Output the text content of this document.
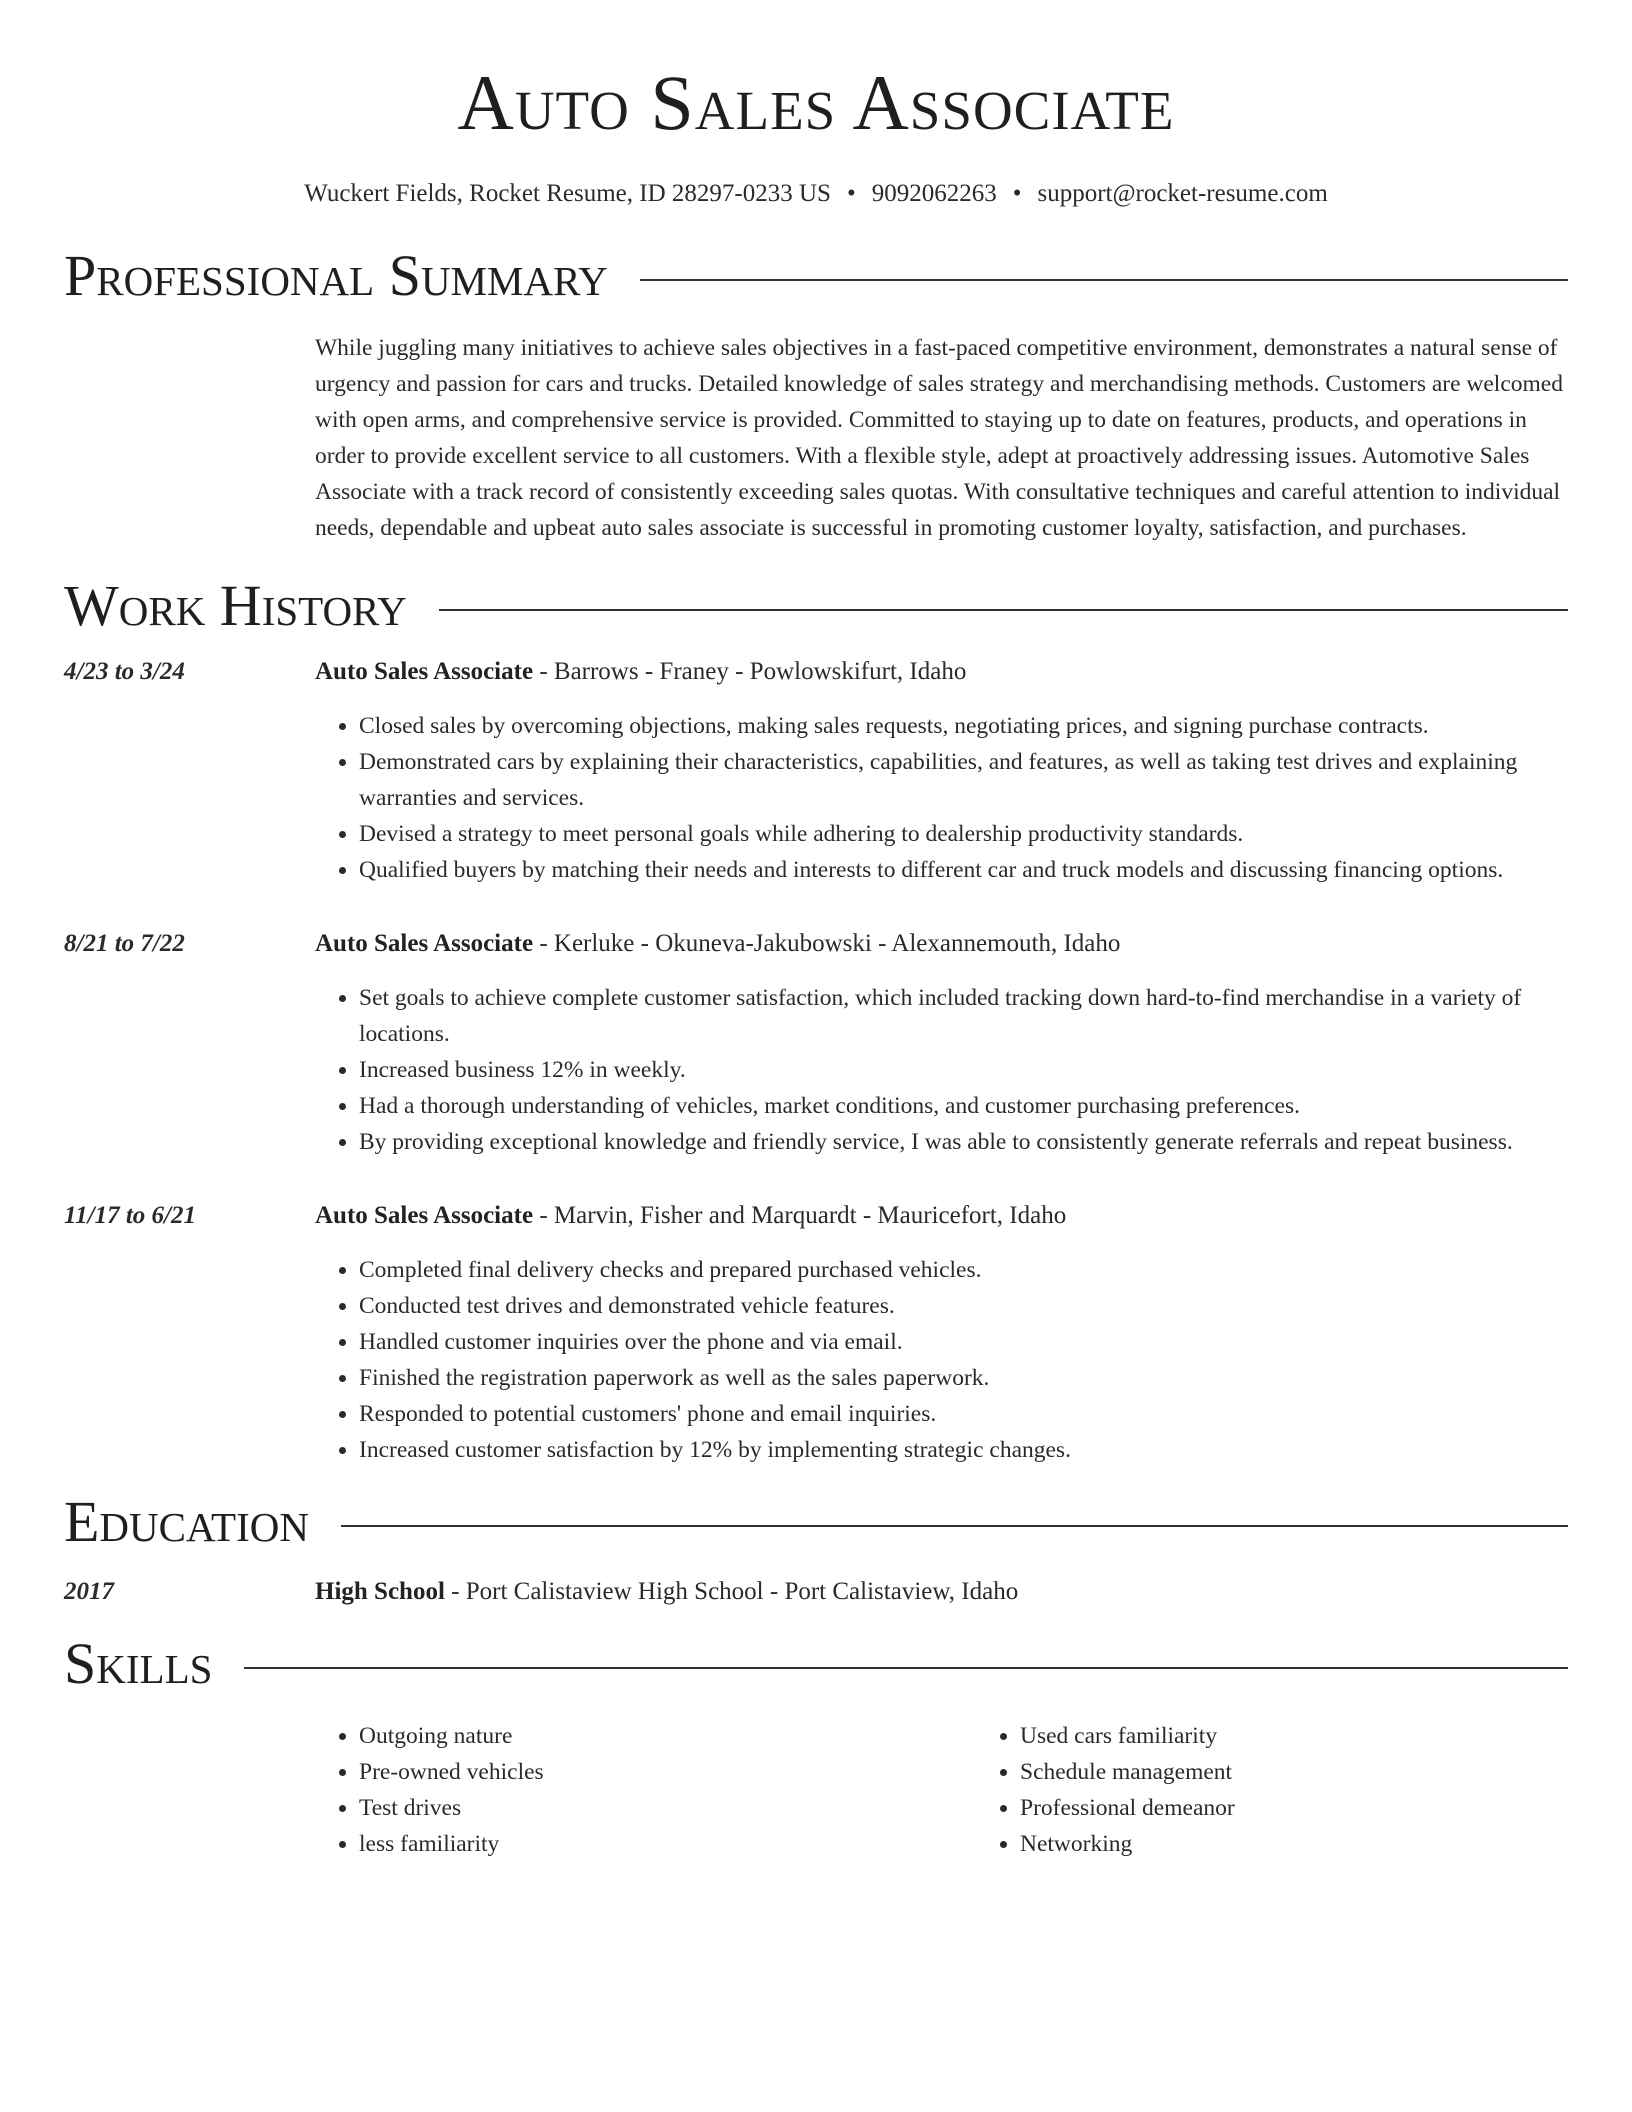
Auto Sales Associate
Wuckert Fields, Rocket Resume, ID 28297-0233 US • 9092062263 • support@rocket-resume.com
Professional Summary
While juggling many initiatives to achieve sales objectives in a fast-paced competitive environment, demonstrates a natural sense of urgency and passion for cars and trucks. Detailed knowledge of sales strategy and merchandising methods. Customers are welcomed with open arms, and comprehensive service is provided. Committed to staying up to date on features, products, and operations in order to provide excellent service to all customers. With a flexible style, adept at proactively addressing issues. Automotive Sales Associate with a track record of consistently exceeding sales quotas. With consultative techniques and careful attention to individual needs, dependable and upbeat auto sales associate is successful in promoting customer loyalty, satisfaction, and purchases.
Work History
4/23 to 3/24	Auto Sales Associate - Barrows - Franey - Powlowskifurt, Idaho
• Closed sales by overcoming objections, making sales requests, negotiating prices, and signing purchase contracts.
• Demonstrated cars by explaining their characteristics, capabilities, and features, as well as taking test drives and explaining warranties and services.
• Devised a strategy to meet personal goals while adhering to dealership productivity standards.
• Qualified buyers by matching their needs and interests to different car and truck models and discussing financing options.
8/21 to 7/22	Auto Sales Associate - Kerluke - Okuneva-Jakubowski - Alexannemouth, Idaho
• Set goals to achieve complete customer satisfaction, which included tracking down hard-to-find merchandise in a variety of locations.
• Increased business 12% in weekly.
• Had a thorough understanding of vehicles, market conditions, and customer purchasing preferences.
• By providing exceptional knowledge and friendly service, I was able to consistently generate referrals and repeat business.
11/17 to 6/21	Auto Sales Associate - Marvin, Fisher and Marquardt - Mauricefort, Idaho
• Completed final delivery checks and prepared purchased vehicles.
• Conducted test drives and demonstrated vehicle features.
• Handled customer inquiries over the phone and via email.
• Finished the registration paperwork as well as the sales paperwork.
• Responded to potential customers' phone and email inquiries.
• Increased customer satisfaction by 12% by implementing strategic changes.
Education
2017	High School - Port Calistaview High School - Port Calistaview, Idaho
Skills
• Outgoing nature
• Pre-owned vehicles
• Test drives
• less familiarity
• Used cars familiarity
• Schedule management
• Professional demeanor
• Networking
